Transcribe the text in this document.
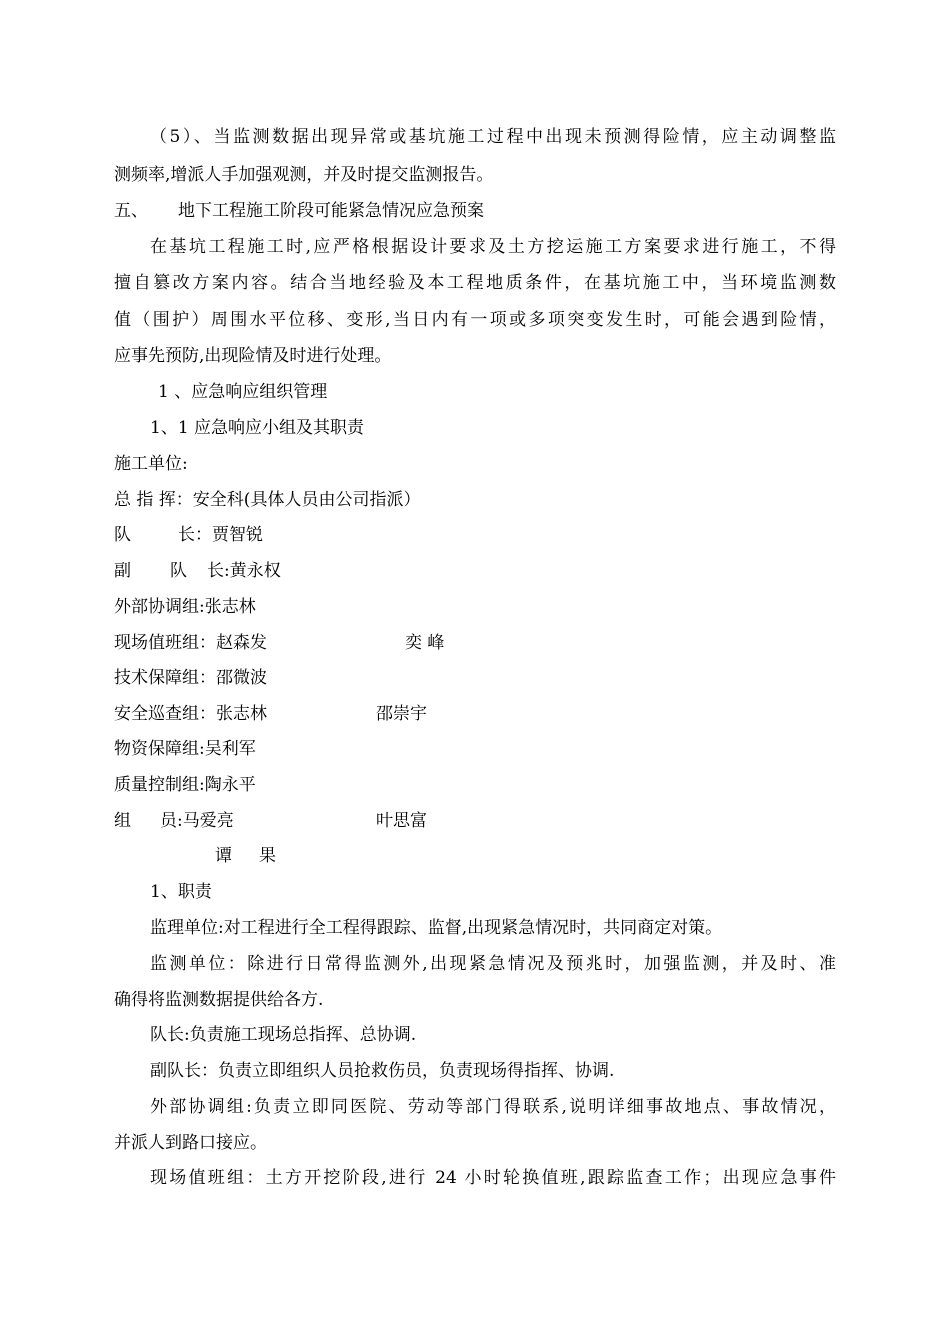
（5）、当监测数据出现异常或基坑施工过程中出现未预测得险情，应主动调整监
测频率,增派人手加强观测，并及时提交监测报告。
五、 地下工程施工阶段可能紧急情况应急预案
在基坑工程施工时,应严格根据设计要求及土方挖运施工方案要求进行施工，不得
擅自篡改方案内容。结合当地经验及本工程地质条件，在基坑施工中，当环境监测数
值（围护）周围水平位移、变形,当日内有一项或多项突变发生时，可能会遇到险情，
应事先预防,出现险情及时进行处理。
1 、应急响应组织管理
1、1 应急响应小组及其职责
施工单位:
总 指 挥：安全科(具体人员由公司指派）
队	长：贾智锐
副 队 长:黄永权
外部协调组:张志林
现场值班组：赵森发	奕 峰
技术保障组：邵微波
安全巡查组：张志林	邵崇宇
物资保障组:吴利军
质量控制组:陶永平
组 员:马爱亮	叶思富
谭 果
1、职责
监理单位:对工程进行全工程得跟踪、监督,出现紧急情况时，共同商定对策。
监测单位：除进行日常得监测外,出现紧急情况及预兆时，加强监测，并及时、准
确得将监测数据提供给各方.
队长:负责施工现场总指挥、总协调.
副队长：负责立即组织人员抢救伤员，负责现场得指挥、协调.
外部协调组:负责立即同医院、劳动等部门得联系,说明详细事故地点、事故情况，
并派人到路口接应。
现场值班组：土方开挖阶段,进行 24 小时轮换值班,跟踪监查工作；出现应急事件
